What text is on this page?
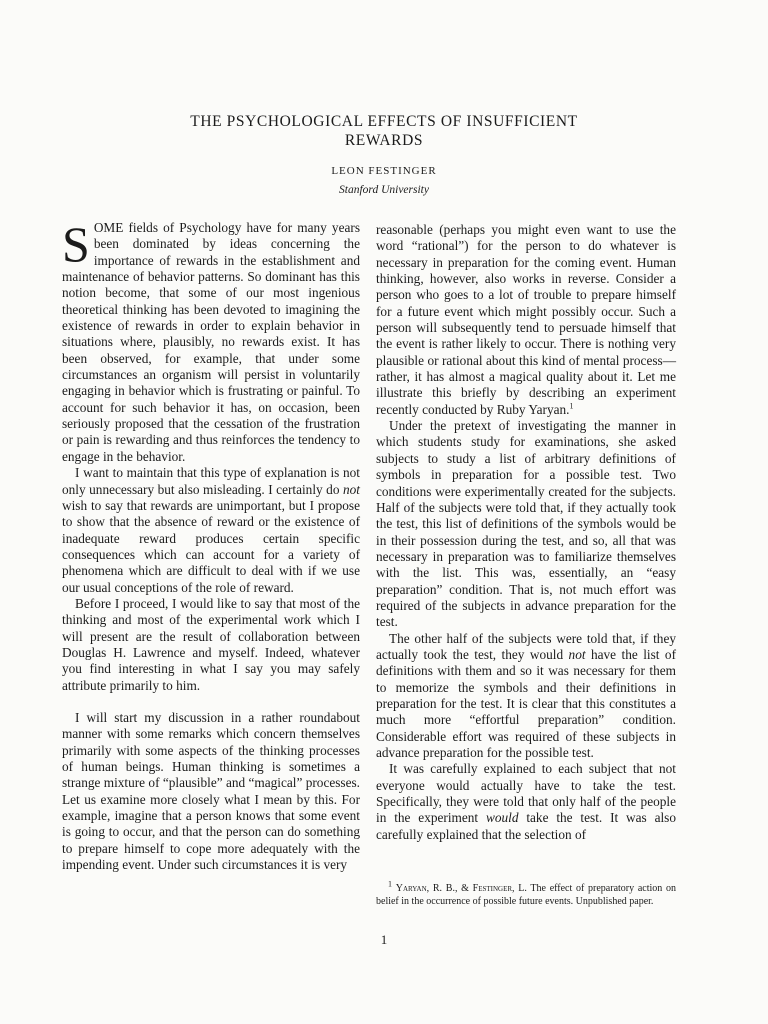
THE PSYCHOLOGICAL EFFECTS OF INSUFFICIENT
REWARDS
LEON FESTINGER
Stanford University

SOME fields of Psychology have for many years been dominated by ideas concerning the importance of rewards in the establishment and maintenance of behavior patterns. So dominant has this notion become, that some of our most ingenious theoretical thinking has been devoted to imagining the existence of rewards in order to explain behavior in situations where, plausibly, no rewards exist. It has been observed, for example, that under some circumstances an organism will persist in voluntarily engaging in behavior which is frustrating or painful. To account for such behavior it has, on occasion, been seriously proposed that the cessation of the frustration or pain is rewarding and thus reinforces the tendency to engage in the behavior.

I want to maintain that this type of explanation is not only unnecessary but also misleading. I certainly do not wish to say that rewards are unimportant, but I propose to show that the absence of reward or the existence of inadequate reward produces certain specific consequences which can account for a variety of phenomena which are difficult to deal with if we use our usual conceptions of the role of reward.

Before I proceed, I would like to say that most of the thinking and most of the experimental work which I will present are the result of collaboration between Douglas H. Lawrence and myself. Indeed, whatever you find interesting in what I say you may safely attribute primarily to him.

I will start my discussion in a rather roundabout manner with some remarks which concern themselves primarily with some aspects of the thinking processes of human beings. Human thinking is sometimes a strange mixture of “plausible” and “magical” processes. Let us examine more closely what I mean by this. For example, imagine that a person knows that some event is going to occur, and that the person can do something to prepare himself to cope more adequately with the impending event. Under such circumstances it is very

reasonable (perhaps you might even want to use the word “rational”) for the person to do whatever is necessary in preparation for the coming event. Human thinking, however, also works in reverse. Consider a person who goes to a lot of trouble to prepare himself for a future event which might possibly occur. Such a person will subsequently tend to persuade himself that the event is rather likely to occur. There is nothing very plausible or rational about this kind of mental process—rather, it has almost a magical quality about it. Let me illustrate this briefly by describing an experiment recently conducted by Ruby Yaryan.$^1$

Under the pretext of investigating the manner in which students study for examinations, she asked subjects to study a list of arbitrary definitions of symbols in preparation for a possible test. Two conditions were experimentally created for the subjects. Half of the subjects were told that, if they actually took the test, this list of definitions of the symbols would be in their possession during the test, and so, all that was necessary in preparation was to familiarize themselves with the list. This was, essentially, an “easy preparation” condition. That is, not much effort was required of the subjects in advance preparation for the test.

The other half of the subjects were told that, if they actually took the test, they would not have the list of definitions with them and so it was necessary for them to memorize the symbols and their definitions in preparation for the test. It is clear that this constitutes a much more “effortful preparation” condition. Considerable effort was required of these subjects in advance preparation for the possible test.

It was carefully explained to each subject that not everyone would actually have to take the test. Specifically, they were told that only half of the people in the experiment would take the test. It was also carefully explained that the selection of

$^1$ Yaryan, R. B., & Festinger, L. The effect of preparatory action on belief in the occurrence of possible future events. Unpublished paper.
1
